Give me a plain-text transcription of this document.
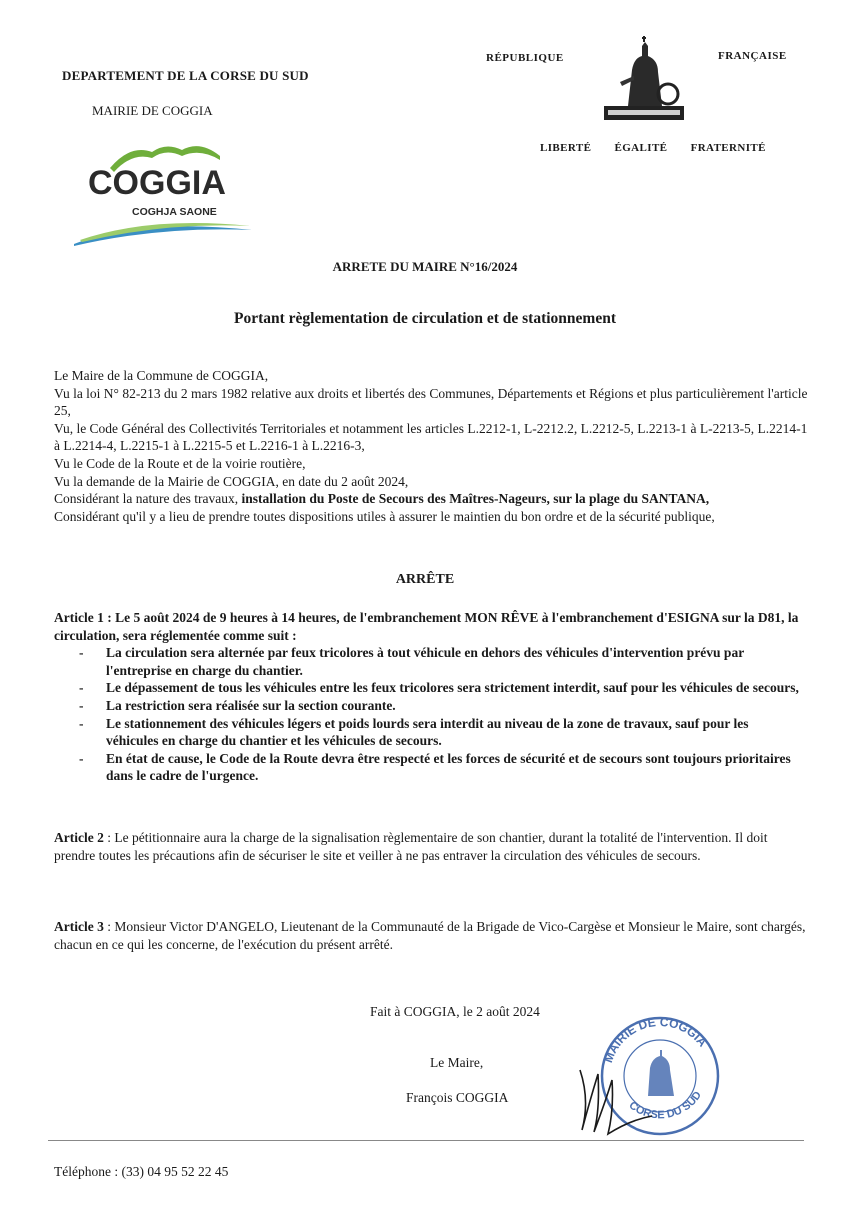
DEPARTEMENT DE LA CORSE DU SUD
MAIRIE DE COGGIA
COGGIA
COGHJA SAONE
RÉPUBLIQUE	FRANÇAISE
LIBERTÉ ÉGALITÉ FRATERNITÉ
ARRETE DU MAIRE N°16/2024
Portant règlementation de circulation et de stationnement

Le Maire de la Commune de COGGIA,

Vu la loi N° 82-213 du 2 mars 1982 relative aux droits et libertés des Communes, Départements et Régions et plus particulièrement l'article 25,

Vu, le Code Général des Collectivités Territoriales et notamment les articles L.2212-1, L-2212.2, L.2212-5, L.2213-1 à L-2213-5, L.2214-1 à L.2214-4, L.2215-1 à L.2215-5 et L.2216-1 à L.2216-3,

Vu le Code de la Route et de la voirie routière,

Vu la demande de la Mairie de COGGIA, en date du 2 août 2024,

Considérant la nature des travaux, installation du Poste de Secours des Maîtres-Nageurs, sur la plage du SANTANA,

Considérant qu'il y a lieu de prendre toutes dispositions utiles à assurer le maintien du bon ordre et de la sécurité publique,

ARRÊTE

Article 1 : Le 5 août 2024 de 9 heures à 14 heures, de l'embranchement MON RÊVE à l'embranchement d'ESIGNA sur la D81, la circulation, sera réglementée comme suit :

- La circulation sera alternée par feux tricolores à tout véhicule en dehors des véhicules d'intervention prévu par l'entreprise en charge du chantier.
- Le dépassement de tous les véhicules entre les feux tricolores sera strictement interdit, sauf pour les véhicules de secours,
- La restriction sera réalisée sur la section courante.
- Le stationnement des véhicules légers et poids lourds sera interdit au niveau de la zone de travaux, sauf pour les véhicules en charge du chantier et les véhicules de secours.
- En état de cause, le Code de la Route devra être respecté et les forces de sécurité et de secours sont toujours prioritaires dans le cadre de l'urgence.

Article 2 : Le pétitionnaire aura la charge de la signalisation règlementaire de son chantier, durant la totalité de l'intervention. Il doit prendre toutes les précautions afin de sécuriser le site et veiller à ne pas entraver la circulation des véhicules de secours.

Article 3 : Monsieur Victor D'ANGELO, Lieutenant de la Communauté de la Brigade de Vico-Cargèse et Monsieur le Maire, sont chargés, chacun en ce qui les concerne, de l'exécution du présent arrêté.

Fait à COGGIA, le 2 août 2024
Le Maire,
François COGGIA
MAIRIE DE COGGIA
CORSE DU SUD
Téléphone : (33) 04 95 52 22 45
